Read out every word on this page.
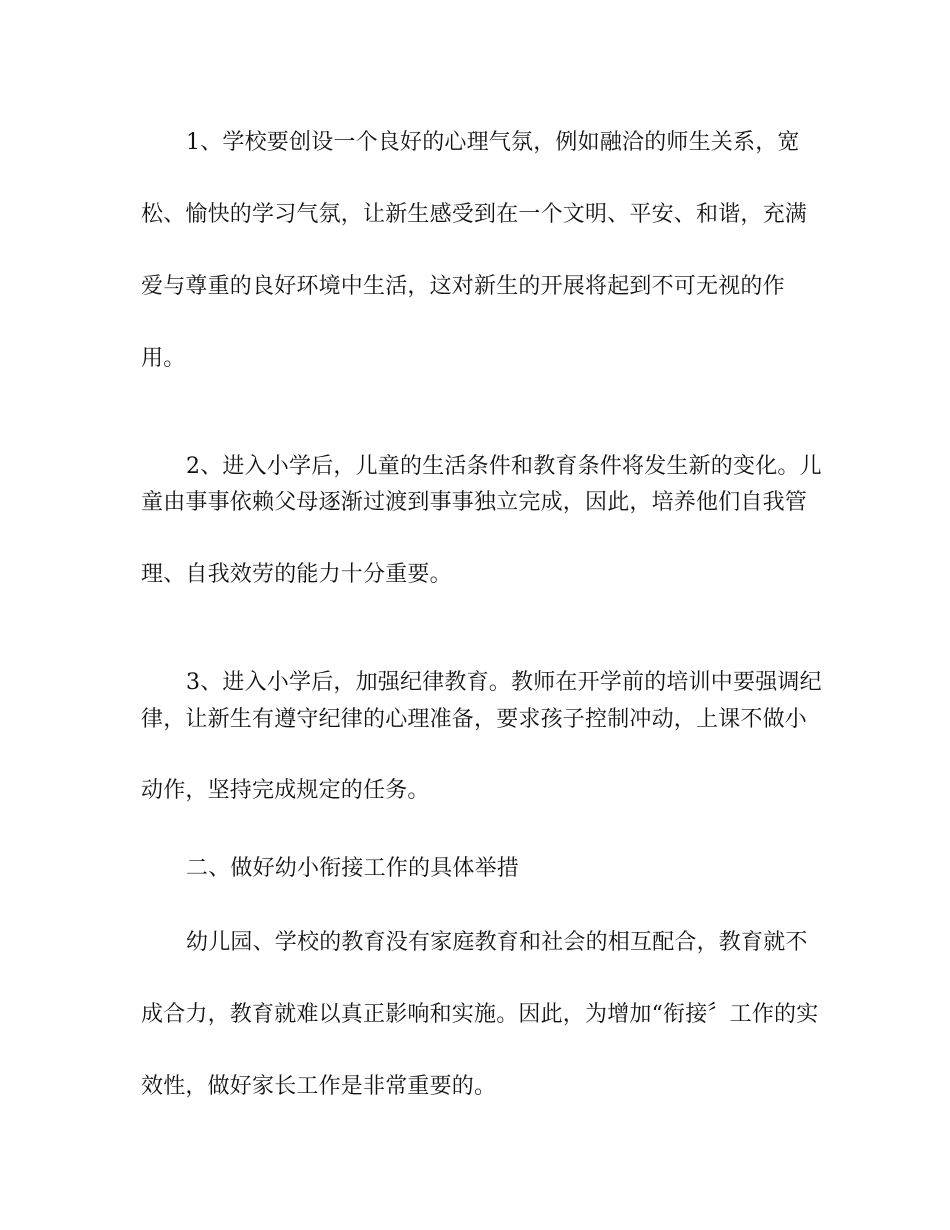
1、学校要创设一个良好的心理气氛，例如融洽的师生关系，宽
松、愉快的学习气氛，让新生感受到在一个文明、平安、和谐，充满
爱与尊重的良好环境中生活，这对新生的开展将起到不可无视的作
用。
2、进入小学后，儿童的生活条件和教育条件将发生新的变化。儿
童由事事依赖父母逐渐过渡到事事独立完成，因此，培养他们自我管
理、自我效劳的能力十分重要。
3、进入小学后，加强纪律教育。教师在开学前的培训中要强调纪
律，让新生有遵守纪律的心理准备，要求孩子控制冲动，上课不做小
动作，坚持完成规定的任务。
二、做好幼小衔接工作的具体举措
幼儿园、学校的教育没有家庭教育和社会的相互配合，教育就不
成合力，教育就难以真正影响和实施。因此，为增加“衔接〞工作的实
效性，做好家长工作是非常重要的。
